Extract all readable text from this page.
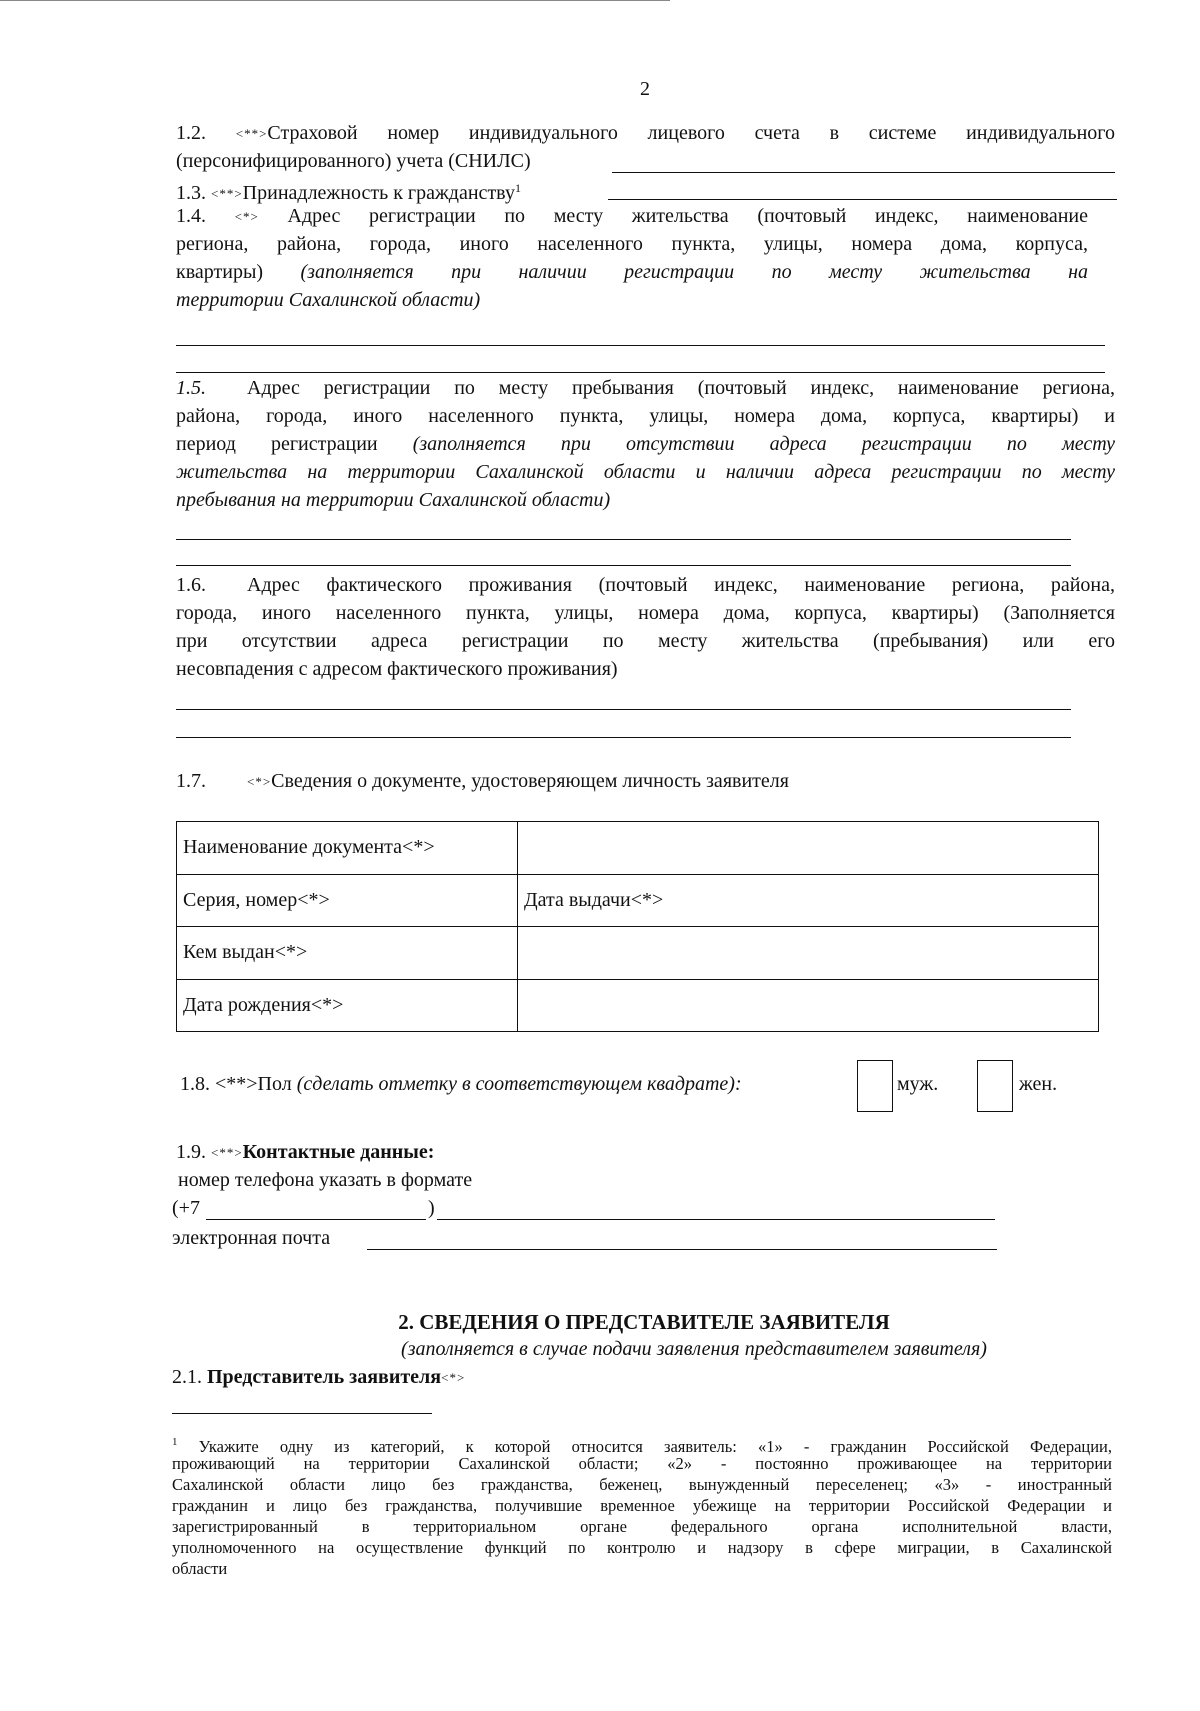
2
1.2. <**>Страховой номер индивидуального лицевого счета в системе индивидуального
(персонифицированного) учета (СНИЛС)
1.3. <**>Принадлежность к гражданству$^1$
1.4. <*> Адрес регистрации по месту жительства (почтовый индекс, наименование
региона, района, города, иного населенного пункта, улицы, номера дома, корпуса,
квартиры) (заполняется при наличии регистрации по месту жительства на
территории Сахалинской области)
1.5.	Адрес регистрации по месту пребывания (почтовый индекс, наименование региона,
района, города, иного населенного пункта, улицы, номера дома, корпуса, квартиры) и
период регистрации (заполняется при отсутствии адреса регистрации по месту
жительства на территории Сахалинской области и наличии адреса регистрации по месту
пребывания на территории Сахалинской области)
1.6. Адрес фактического проживания (почтовый индекс, наименование региона, района,
города, иного населенного пункта, улицы, номера дома, корпуса, квартиры) (Заполняется
при отсутствии адреса регистрации по месту жительства (пребывания) или его
несовпадения с адресом фактического проживания)
1.7.	<*>Сведения о документе, удостоверяющем личность заявителя
Наименование документа<*>	
Серия, номер<*>	Дата выдачи<*>
Кем выдан<*>	
Дата рождения<*>	
1.8. <**>Пол (сделать отметку в соответствующем квадрате):	муж.	жен.
1.9. <**>Контактные данные:
номер телефона указать в формате
(+7	)
электронная почта
2. СВЕДЕНИЯ О ПРЕДСТАВИТЕЛЕ ЗАЯВИТЕЛЯ
(заполняется в случае подачи заявления представителем заявителя)
2.1. Представитель заявителя<*>
$^1$ Укажите одну из категорий, к которой относится заявитель: «1» - гражданин Российской Федерации,
проживающий на территории Сахалинской области; «2» - постоянно проживающее на территории
Сахалинской области лицо без гражданства, беженец, вынужденный переселенец; «3» - иностранный
гражданин и лицо без гражданства, получившие временное убежище на территории Российской Федерации и
зарегистрированный в территориальном органе федерального органа исполнительной власти,
уполномоченного на осуществление функций по контролю и надзору в сфере миграции, в Сахалинской
области
